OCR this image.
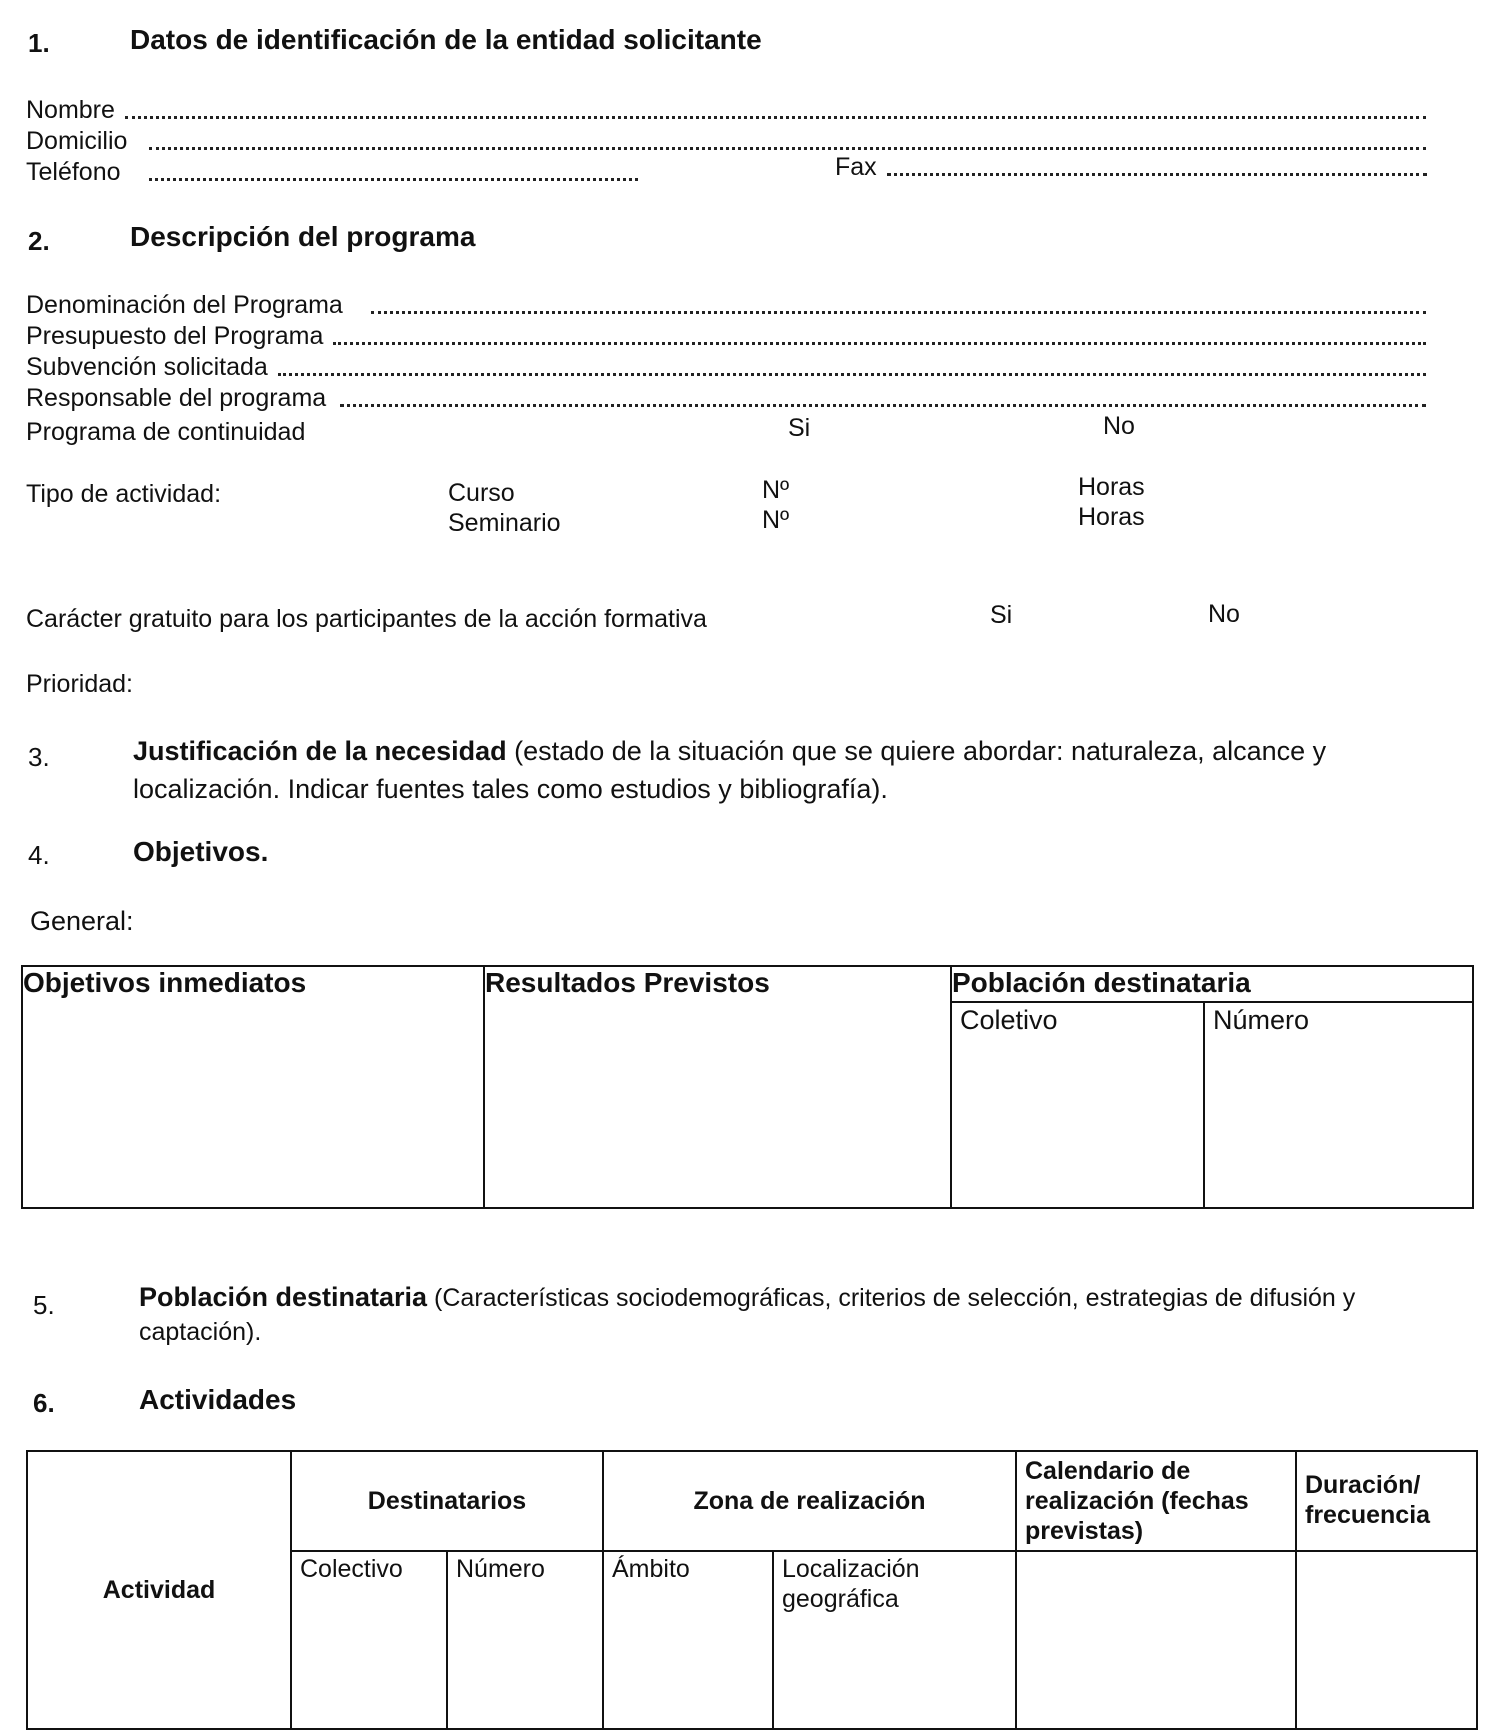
1.	Datos de identificación de la entidad solicitante
Nombre
Domicilio
Teléfono	Fax
2.	Descripción del programa
Denominación del Programa
Presupuesto del Programa
Subvención solicitada
Responsable del programa
Programa de continuidad	Si	No
Tipo de actividad:	Curso
Seminario
Nº
Nº
Horas
Horas
Carácter gratuito para los participantes de la acción formativa	Si	No
Prioridad:
3.	Justificación de la necesidad (estado de la situación que se quiere abordar: naturaleza, alcance y localización. Indicar fuentes tales como estudios y bibliografía).
4.	Objetivos.
General:
Objetivos inmediatos	Resultados Previstos	Población destinataria
Coletivo	Número
5.	Población destinataria (Características sociodemográficas, criterios de selección, estrategias de difusión y captación).
6.	Actividades
Actividad	Destinatarios	Zona de realización	Calendario de realización (fechas previstas)	Duración/ frecuencia
Colectivo	Número	Ámbito	Localización geográfica		
